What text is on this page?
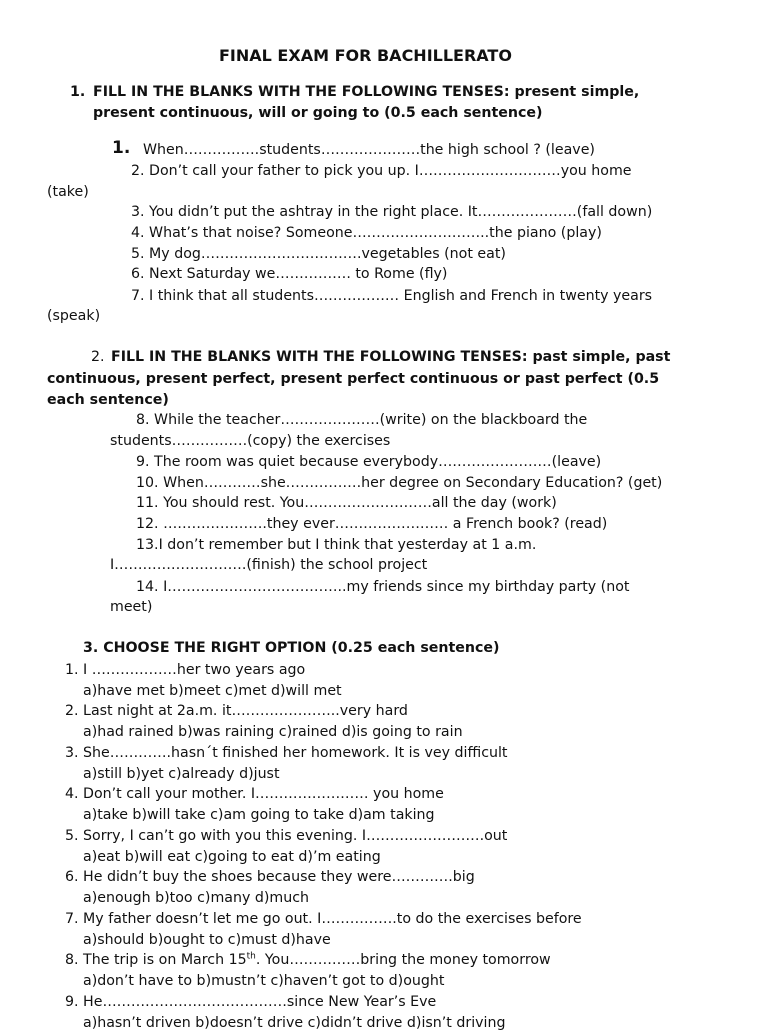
FINAL EXAM FOR BACHILLERATO
1. FILL IN THE BLANKS WITH THE FOLLOWING TENSES: present simple,
present continuous, will or going to (0.5 each sentence)
1. When…………….students…………………the high school ? (leave)
2. Don’t call your father to pick you up. I…………………………you home
(take)
3. You didn’t put the ashtray in the right place. It…………………(fall down)
4. What’s that noise? Someone………………………..the piano (play)
5. My dog…………………………….vegetables (not eat)
6. Next Saturday we……………. to Rome (fly)
7. I think that all students……………… English and French in twenty years
(speak)
2. FILL IN THE BLANKS WITH THE FOLLOWING TENSES: past simple, past
continuous, present perfect, present perfect continuous or past perfect (0.5
each sentence)
8. While the teacher…………………(write) on the blackboard the
students…………….(copy) the exercises
9. The room was quiet because everybody……………………(leave)
10. When…………she…………….her degree on Secondary Education? (get)
11. You should rest. You………………………all the day (work)
12. ………………….they ever…………………… a French book? (read)
13.I don’t remember but I think that yesterday at 1 a.m.
I……………………….(finish) the school project
14. I………………………………..my friends since my birthday party (not
meet)
3. CHOOSE THE RIGHT OPTION (0.25 each sentence)
1. I ………………her two years ago
a)have met b)meet c)met d)will met
2. Last night at 2a.m. it…………………..very hard
a)had rained b)was raining c)rained d)is going to rain
3. She………….hasn´t finished her homework. It is vey difficult
a)still b)yet c)already d)just
4. Don’t call your mother. I…………………… you home
a)take b)will take c)am going to take d)am taking
5. Sorry, I can’t go with you this evening. I…………………….out
a)eat b)will eat c)going to eat d)’m eating
6. He didn’t buy the shoes because they were………….big
a)enough b)too c)many d)much
7. My father doesn’t let me go out. I…………….to do the exercises before
a)should b)ought to c)must d)have
8. The trip is on March 15th. You……………bring the money tomorrow
a)don’t have to b)mustn’t c)haven’t got to d)ought
9. He…………………………………since New Year’s Eve
a)hasn’t driven b)doesn’t drive c)didn’t drive d)isn’t driving
